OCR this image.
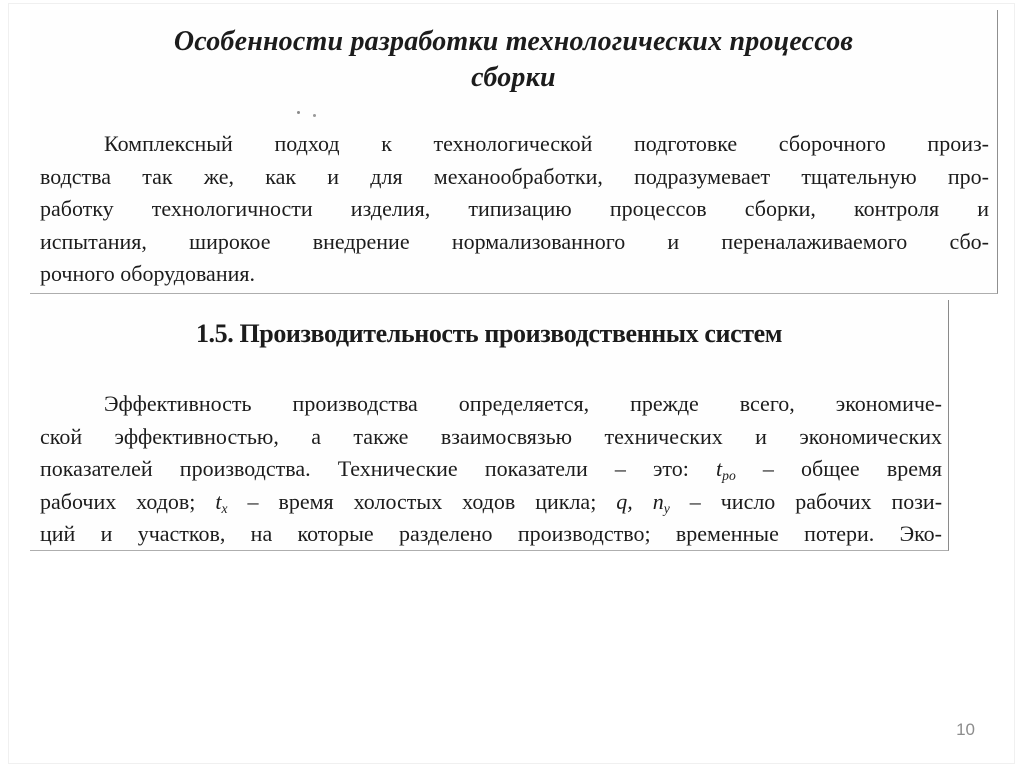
Особенности разработки технологических процессов
сборки
Комплексный подход к технологической подготовке сборочного произ-
водства так же, как и для механообработки, подразумевает тщательную про-
работку технологичности изделия, типизацию процессов сборки, контроля и
испытания, широкое внедрение нормализованного и переналаживаемого сбо-
рочного оборудования.
1.5. Производительность производственных систем
Эффективность производства определяется, прежде всего, экономиче-
ской эффективностью, а также взаимосвязью технических и экономических
показателей производства. Технические показатели – это: $t_{po}$ – общее время
рабочих ходов; $t_x$ – время холостых ходов цикла; q, $n_y$ – число рабочих пози-
ций и участков, на которые разделено производство; временные потери. Эко-
10
